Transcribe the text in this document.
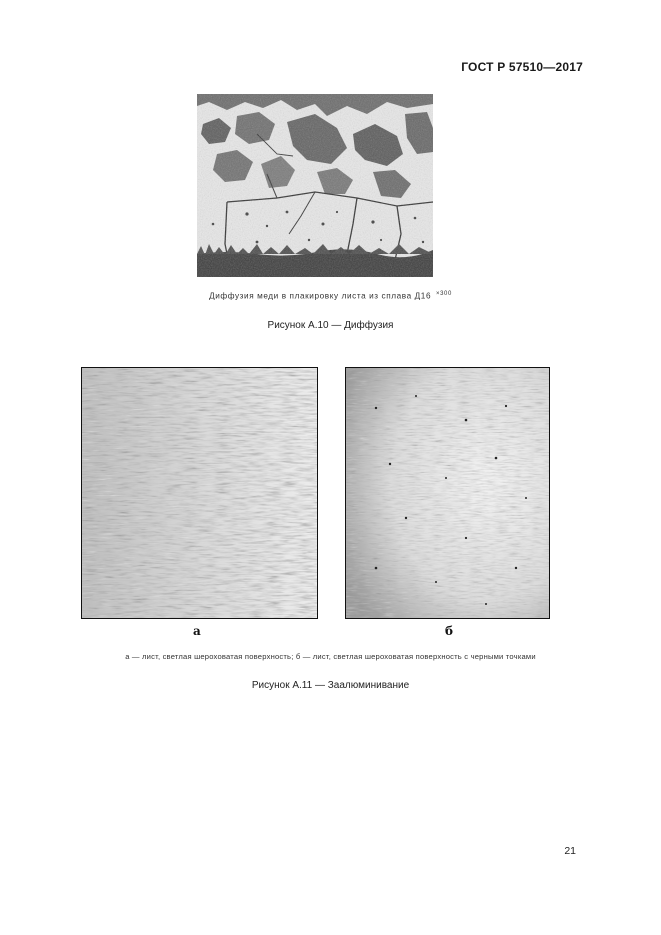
ГОСТ Р 57510—2017
Диффузия меди в плакировку листа из сплава Д16 $^{\times 300}$
Рисунок А.10 — Диффузия
а	б
а — лист, светлая шероховатая поверхность; б — лист, светлая шероховатая поверхность с черными точками
Рисунок А.11 — Заалюминивание
21
